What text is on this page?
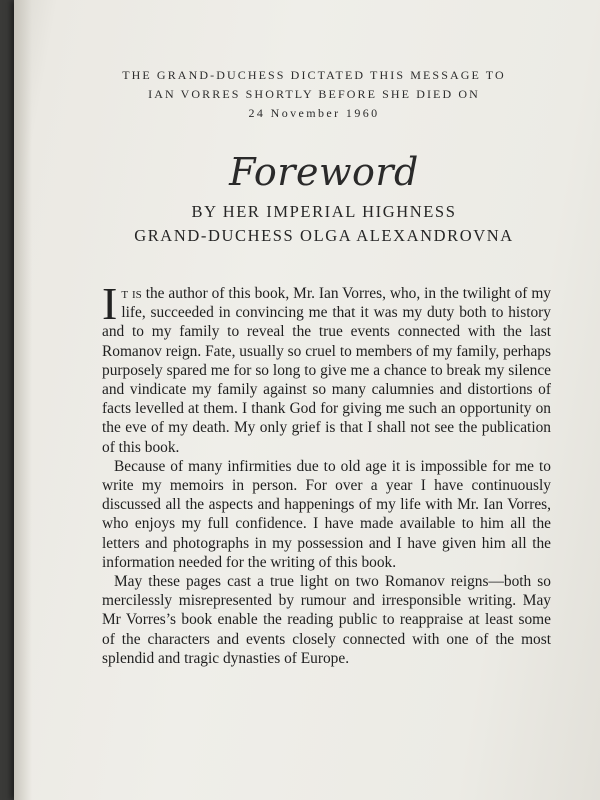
THE GRAND-DUCHESS DICTATED THIS MESSAGE TO
IAN VORRES SHORTLY BEFORE SHE DIED ON
24 November 1960
Foreword
BY HER IMPERIAL HIGHNESS
GRAND-DUCHESS OLGA ALEXANDROVNA

It is the author of this book, Mr. Ian Vorres, who, in the twilight of my life, succeeded in convincing me that it was my duty both to history and to my family to reveal the true events connected with the last Romanov reign. Fate, usually so cruel to members of my family, perhaps purposely spared me for so long to give me a chance to break my silence and vindicate my family against so many calumnies and distortions of facts levelled at them. I thank God for giving me such an opportunity on the eve of my death. My only grief is that I shall not see the publication of this book.

Because of many infirmities due to old age it is impossible for me to write my memoirs in person. For over a year I have continuously discussed all the aspects and happenings of my life with Mr. Ian Vorres, who enjoys my full confidence. I have made available to him all the letters and photographs in my possession and I have given him all the information needed for the writing of this book.

May these pages cast a true light on two Romanov reigns—both so mercilessly misrepresented by rumour and irresponsible writing. May Mr Vorres’s book enable the reading public to reappraise at least some of the characters and events closely connected with one of the most splendid and tragic dynasties of Europe.
